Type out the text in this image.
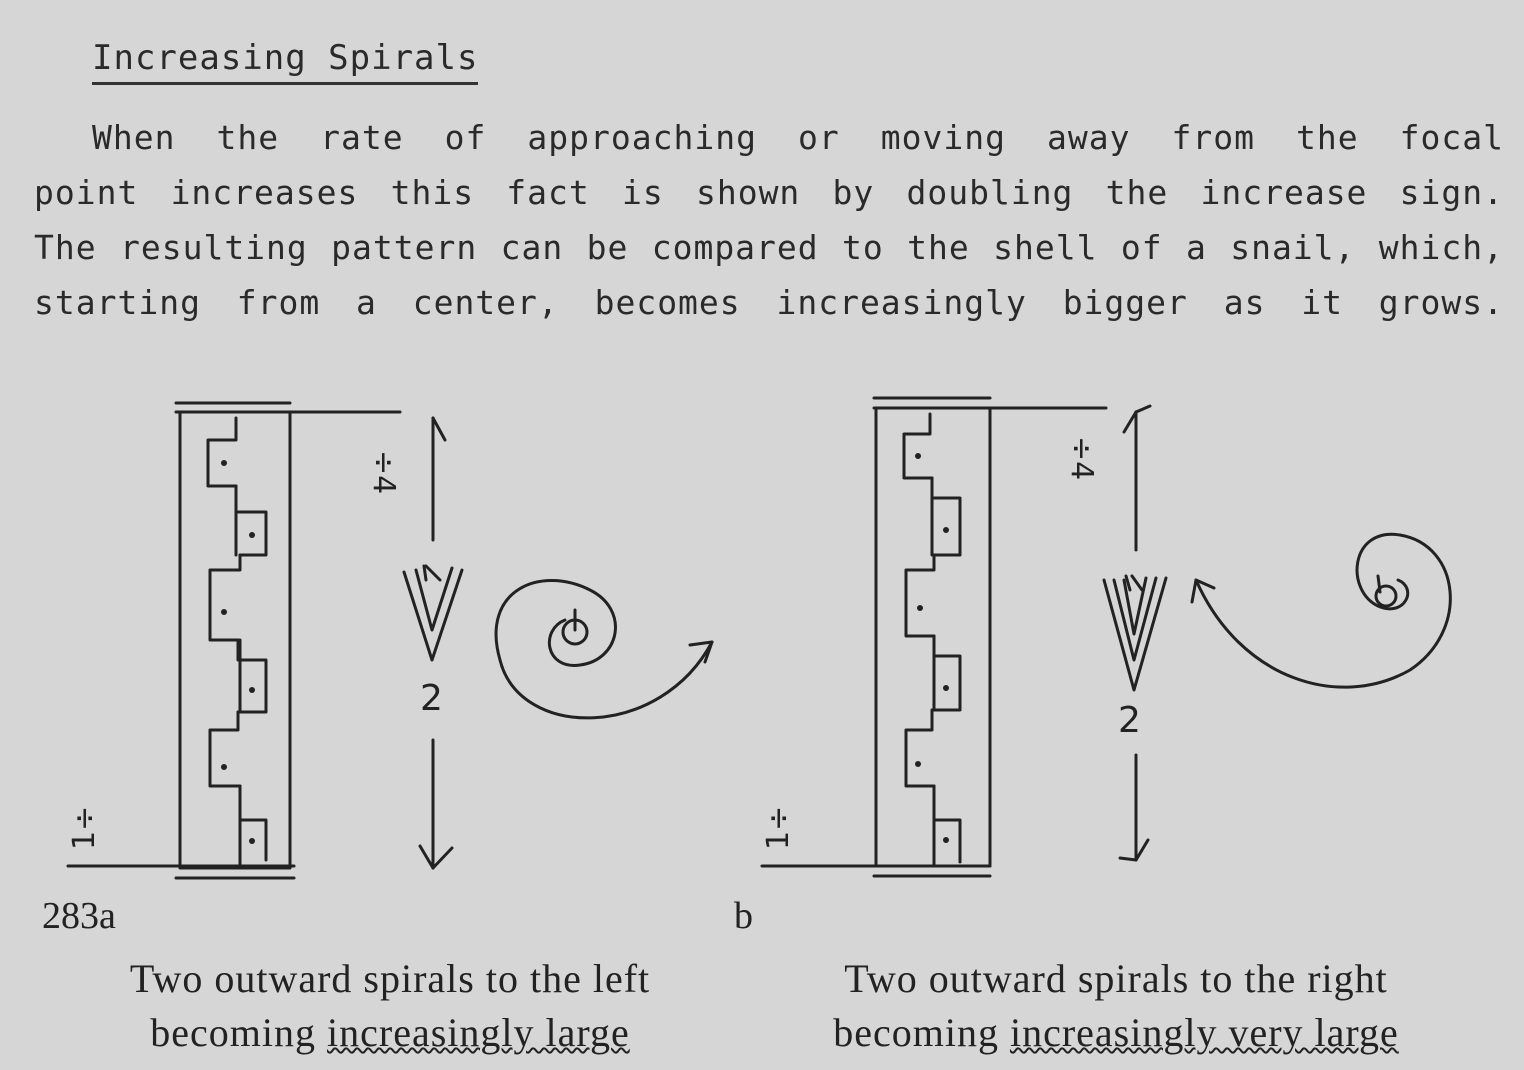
Increasing Spirals
When the rate of approaching or moving away from the focal
point increases this fact is shown by doubling the increase sign.
The resulting pattern can be compared to the shell of a snail, which,
starting from a center, becomes increasingly bigger as it grows.
÷4	÷4
1÷	1÷
2
2
283a	b
Two outward spirals to the left
becoming increasingly large
Two outward spirals to the right
becoming increasingly very large
